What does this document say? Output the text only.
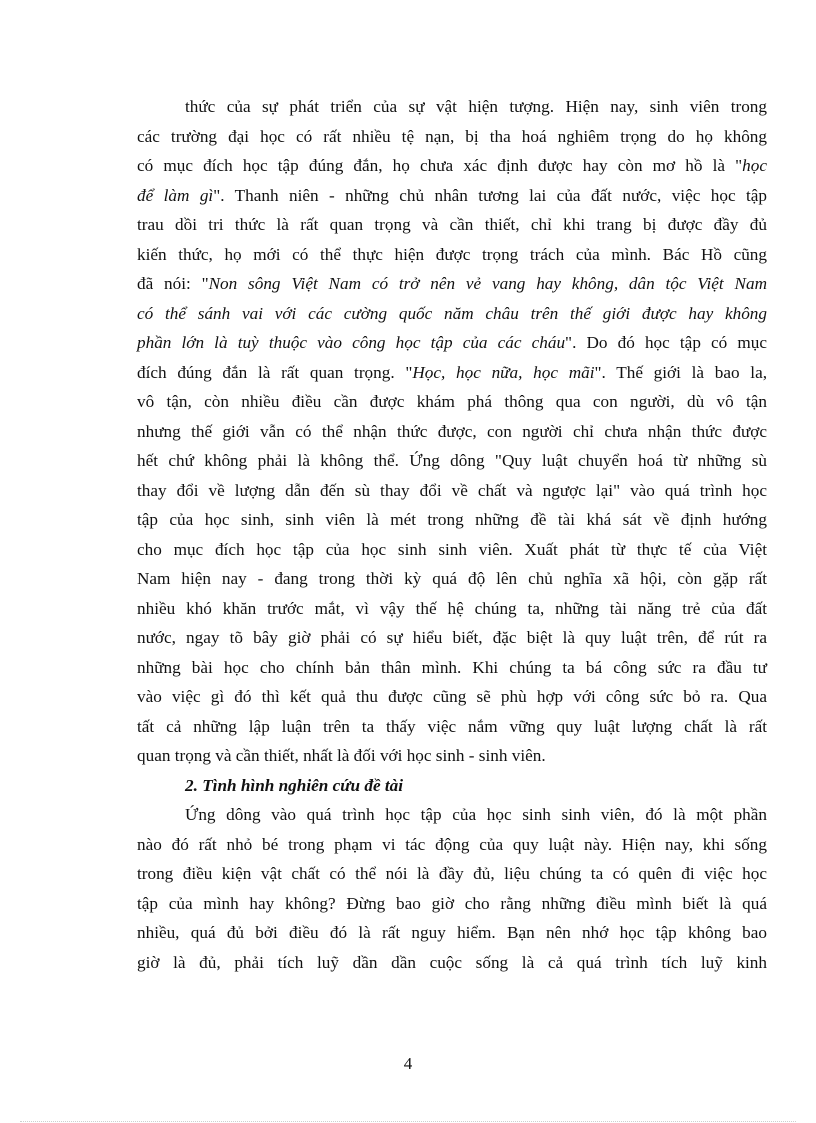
thức của sự phát triển của sự vật hiện tượng. Hiện nay, sinh viên trong
các trường đại học có rất nhiều tệ nạn, bị tha hoá nghiêm trọng do họ không
có mục đích học tập đúng đắn, họ chưa xác định được hay còn mơ hồ là "học
để làm gì". Thanh niên - những chủ nhân tương lai của đất nước, việc học tập
trau dồi tri thức là rất quan trọng và cần thiết, chỉ khi trang bị được đầy đủ
kiến thức, họ mới có thể thực hiện được trọng trách của mình. Bác Hồ cũng
đã nói: "Non sông Việt Nam có trở nên vẻ vang hay không, dân tộc Việt Nam
có thể sánh vai với các cường quốc năm châu trên thế giới được hay không
phần lớn là tuỳ thuộc vào công học tập của các cháu". Do đó học tập có mục
đích đúng đắn là rất quan trọng. "Học, học nữa, học mãi". Thế giới là bao la,
vô tận, còn nhiều điều cần được khám phá thông qua con người, dù vô tận
nhưng thế giới vẫn có thể nhận thức được, con người chỉ chưa nhận thức được
hết chứ không phải là không thể. Ứng dông "Quy luật chuyển hoá từ những sù
thay đổi về lượng dẫn đến sù thay đổi về chất và ngược lại" vào quá trình học
tập của học sinh, sinh viên là mét trong những đề tài khá sát về định hướng
cho mục đích học tập của học sinh sinh viên. Xuất phát từ thực tế của Việt
Nam hiện nay - đang trong thời kỳ quá độ lên chủ nghĩa xã hội, còn gặp rất
nhiều khó khăn trước mắt, vì vậy thế hệ chúng ta, những tài năng trẻ của đất
nước, ngay tõ bây giờ phải có sự hiểu biết, đặc biệt là quy luật trên, để rút ra
những bài học cho chính bản thân mình. Khi chúng ta bá công sức ra đầu tư
vào việc gì đó thì kết quả thu được cũng sẽ phù hợp với công sức bỏ ra. Qua
tất cả những lập luận trên ta thấy việc nắm vững quy luật lượng chất là rất
quan trọng và cần thiết, nhất là đối với học sinh - sinh viên.
2. Tình hình nghiên cứu đề tài
Ứng dông vào quá trình học tập của học sinh sinh viên, đó là một phần
nào đó rất nhỏ bé trong phạm vi tác động của quy luật này. Hiện nay, khi sống
trong điều kiện vật chất có thể nói là đầy đủ, liệu chúng ta có quên đi việc học
tập của mình hay không? Đừng bao giờ cho rằng những điều mình biết là quá
nhiều, quá đủ bởi điều đó là rất nguy hiểm. Bạn nên nhớ học tập không bao
giờ là đủ, phải tích luỹ dần dần cuộc sống là cả quá trình tích luỹ kinh
4
